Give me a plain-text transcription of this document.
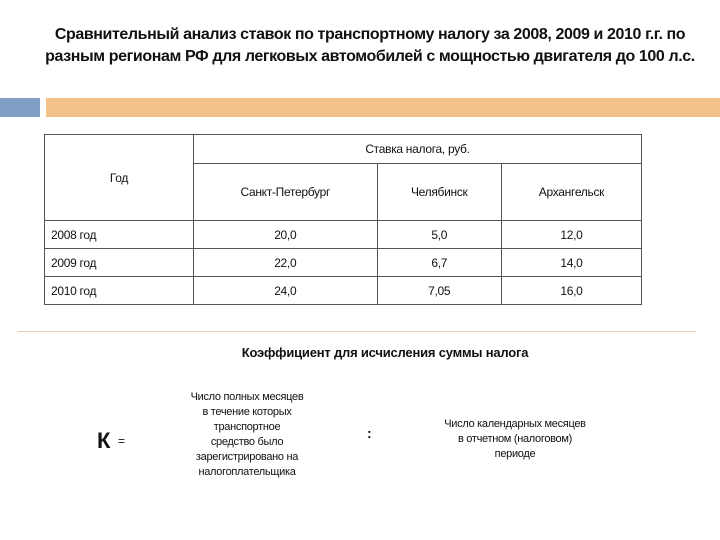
Сравнительный анализ ставок по транспортному налогу за 2008, 2009 и 2010 г.г. по разным регионам РФ для легковых автомобилей с мощностью двигателя до 100 л.с.
Год	Ставка налога, руб.		
	Санкт-Петербург	Челябинск	Архангельск
2008 год	20,0	5,0	12,0
2009 год	22,0	6,7	14,0
2010 год	24,0	7,05	16,0
Коэффициент для исчисления суммы налога
К =
Число полных месяцев
в течение которых
транспортное
средство было
зарегистрировано на
налогоплательщика
:
Число календарных месяцев
в отчетном (налоговом)
периоде
